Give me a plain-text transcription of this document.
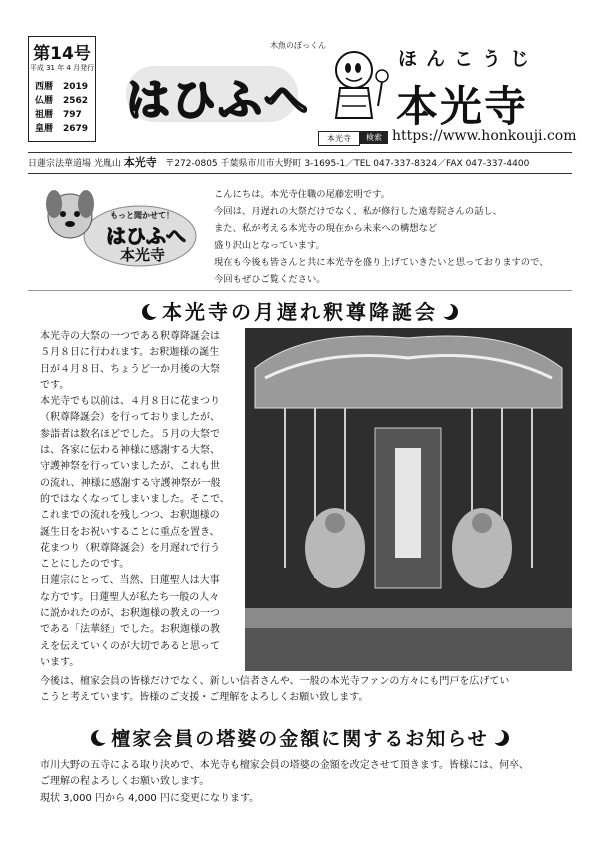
第14号
平成 31 年 4 月発行
西暦 2019
仏暦 2562
祖暦 797
皇暦 2679
はひふへ
木魚のぼっくん
ほんこうじ
本光寺
本光寺	検索 https://www.honkouji.com
日蓮宗法華道場 光胤山 本光寺 〒272-0805 千葉県市川市大野町 3-1695-1／TEL 047-337-8324／FAX 047-337-4400
もっと聞かせて！
はひふへ
本光寺
こんにちは。本光寺住職の尾藤宏明です。
今回は、月遅れの大祭だけでなく、私が修行した遠寿院さんの話し、
また、私が考える本光寺の現在から未来への構想など
盛り沢山となっています。
現在も今後も皆さんと共に本光寺を盛り上げていきたいと思っておりますので、
今回もぜひご覧ください。
本光寺の月遅れ釈尊降誕会
本光寺の大祭の一つである釈尊降誕会は
５月８日に行われます。お釈迦様の誕生
日が４月８日、ちょうど一か月後の大祭
です。
本光寺でも以前は、４月８日に花まつり
（釈尊降誕会）を行っておりましたが、
参詣者は数名ほどでした。５月の大祭で
は、各家に伝わる神様に感謝する大祭、
守護神祭を行っていましたが、これも世
の流れ、神様に感謝する守護神祭が一般
的ではなくなってしまいました。そこで、
これまでの流れを残しつつ、お釈迦様の
誕生日をお祝いすることに重点を置き、
花まつり（釈尊降誕会）を月遅れで行う
ことにしたのです。
日蓮宗にとって、当然、日蓮聖人は大事
な方です。日蓮聖人が私たち一般の人々
に説かれたのが、お釈迦様の教えの一つ
である「法華経」でした。お釈迦様の教
えを伝えていくのが大切であると思って
います。
今後は、檀家会員の皆様だけでなく、新しい信者さんや、一般の本光寺ファンの方々にも門戸を広げてい
こうと考えています。皆様のご支援・ご理解をよろしくお願い致します。
檀家会員の塔婆の金額に関するお知らせ
市川大野の五寺による取り決めで、本光寺も檀家会員の塔婆の金額を改定させて頂きます。皆様には、何卒、
ご理解の程よろしくお願い致します。
現状 3,000 円から 4,000 円に変更になります。
